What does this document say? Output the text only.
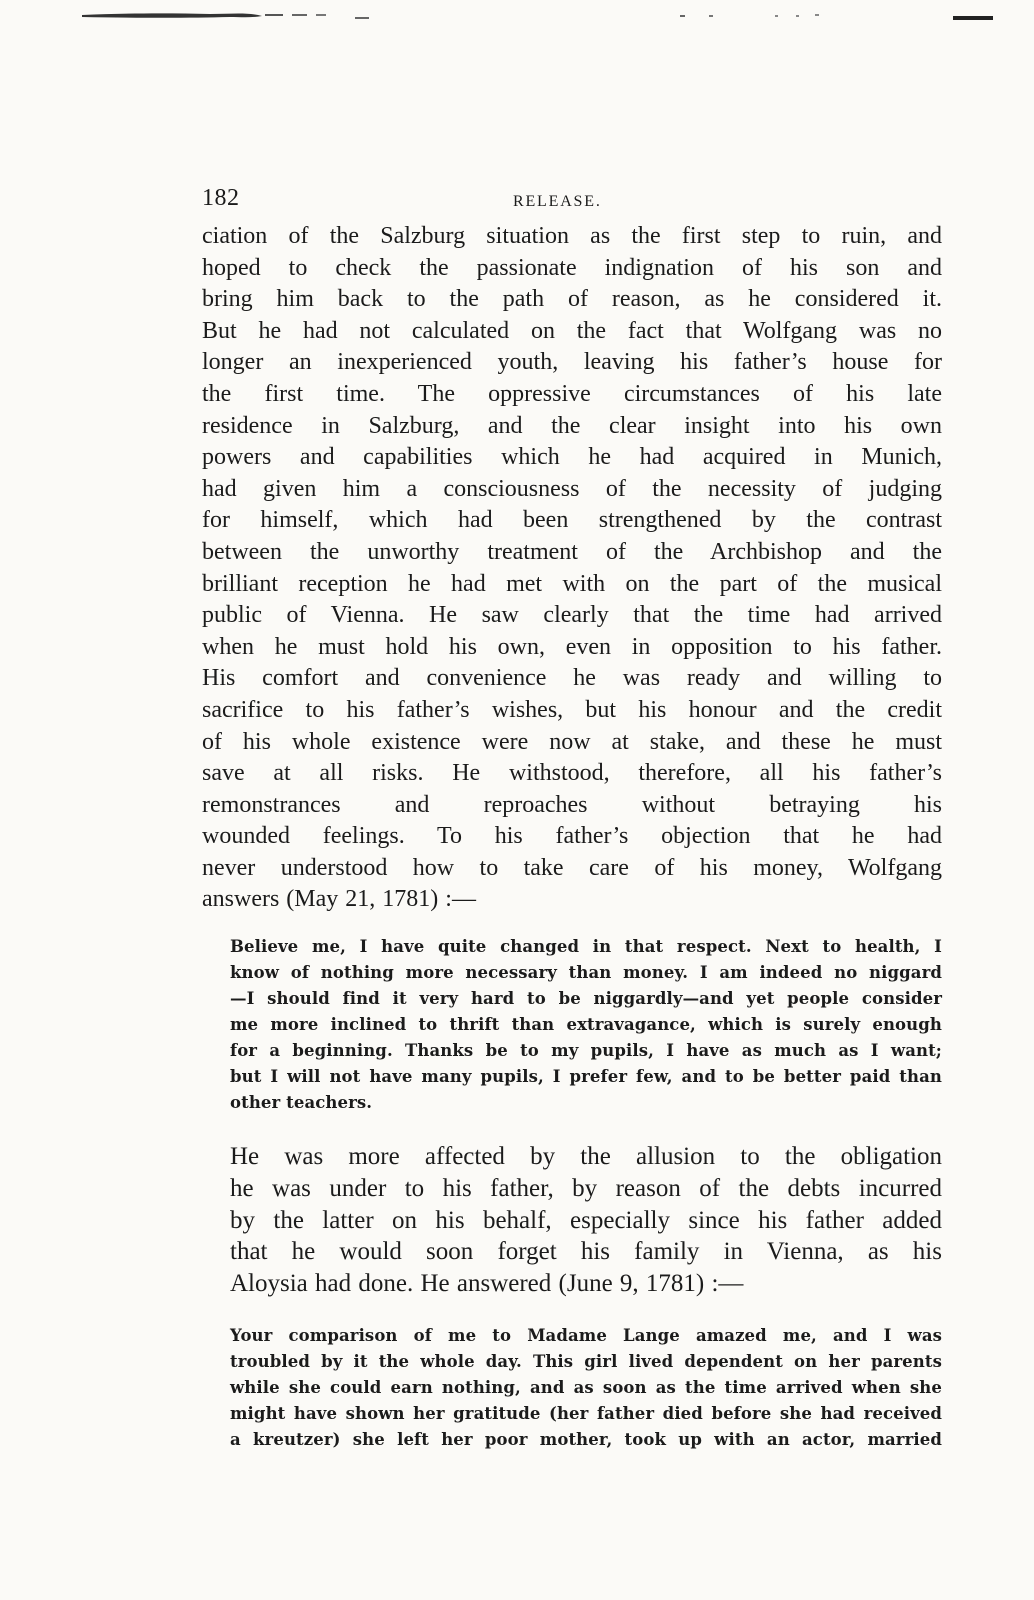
182	RELEASE.

ciation of the Salzburg situation as the first step to ruin, and
hoped to check the passionate indignation of his son and
bring him back to the path of reason, as he considered it.
But he had not calculated on the fact that Wolfgang was no
longer an inexperienced youth, leaving his father’s house for
the first time. The oppressive circumstances of his late
residence in Salzburg, and the clear insight into his own
powers and capabilities which he had acquired in Munich,
had given him a consciousness of the necessity of judging
for himself, which had been strengthened by the contrast
between the unworthy treatment of the Archbishop and the
brilliant reception he had met with on the part of the musical
public of Vienna. He saw clearly that the time had arrived
when he must hold his own, even in opposition to his father.
His comfort and convenience he was ready and willing to
sacrifice to his father’s wishes, but his honour and the credit
of his whole existence were now at stake, and these he must
save at all risks. He withstood, therefore, all his father’s
remonstrances and reproaches without betraying his
wounded feelings. To his father’s objection that he had
never understood how to take care of his money, Wolfgang
answers (May 21, 1781) :—

Believe me, I have quite changed in that respect. Next to health, I
know of nothing more necessary than money. I am indeed no niggard
—I should find it very hard to be niggardly—and yet people consider
me more inclined to thrift than extravagance, which is surely enough
for a beginning. Thanks be to my pupils, I have as much as I want;
but I will not have many pupils, I prefer few, and to be better paid than
other teachers.

He was more affected by the allusion to the obligation
he was under to his father, by reason of the debts incurred
by the latter on his behalf, especially since his father added
that he would soon forget his family in Vienna, as his
Aloysia had done. He answered (June 9, 1781) :—

Your comparison of me to Madame Lange amazed me, and I was
troubled by it the whole day. This girl lived dependent on her parents
while she could earn nothing, and as soon as the time arrived when she
might have shown her gratitude (her father died before she had received
a kreutzer) she left her poor mother, took up with an actor, married
